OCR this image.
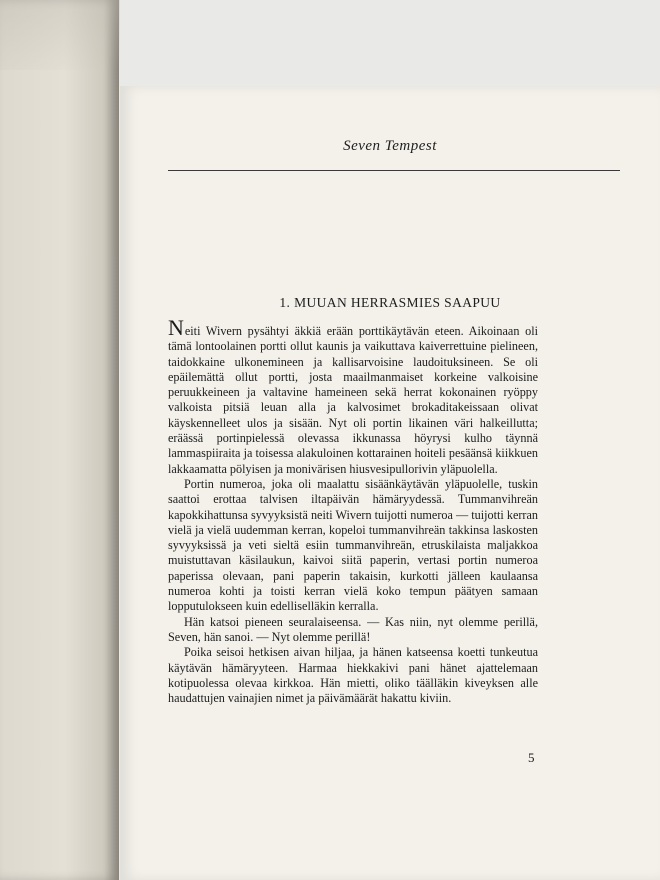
Seven Tempest
1. MUUAN HERRASMIES SAAPUU

Neiti Wivern pysähtyi äkkiä erään porttikäytävän eteen. Aikoinaan oli tämä lontoolainen portti ollut kaunis ja vaikuttava kaiverrettuine pielineen, taidokkaine ulkonemineen ja kallisarvoisine laudoituksineen. Se oli epäilemättä ollut portti, josta maailmanmaiset korkeine valkoisine peruukkeineen ja valtavine hameineen sekä herrat kokonainen ryöppy valkoista pitsiä leuan alla ja kalvosimet brokaditakeissaan olivat käyskennelleet ulos ja sisään. Nyt oli portin likainen väri halkeillutta; eräässä portinpielessä olevassa ikkunassa höyrysi kulho täynnä lammaspiiraita ja toisessa alakuloinen kottarainen hoiteli pesäänsä kiikkuen lakkaamatta pölyisen ja monivärisen hiusvesipullorivin yläpuolella.

Portin numeroa, joka oli maalattu sisäänkäytävän yläpuolelle, tuskin saattoi erottaa talvisen iltapäivän hämäryydessä. Tummanvihreän kapokkihattunsa syvyyksistä neiti Wivern tuijotti numeroa — tuijotti kerran vielä ja vielä uudemman kerran, kopeloi tummanvihreän takkinsa laskosten syvyyksissä ja veti sieltä esiin tummanvihreän, etruskilaista maljakkoa muistuttavan käsilaukun, kaivoi siitä paperin, vertasi portin numeroa paperissa olevaan, pani paperin takaisin, kurkotti jälleen kaulaansa numeroa kohti ja toisti kerran vielä koko tempun päätyen samaan lopputulokseen kuin edelliselläkin kerralla.

Hän katsoi pieneen seuralaiseensa. — Kas niin, nyt olemme perillä, Seven, hän sanoi. — Nyt olemme perillä!

Poika seisoi hetkisen aivan hiljaa, ja hänen katseensa koetti tunkeutua käytävän hämäryyteen. Harmaa hiekkakivi pani hänet ajattelemaan kotipuolessa olevaa kirkkoa. Hän mietti, oliko täälläkin kiveyksen alle haudattujen vainajien nimet ja päivämäärät hakattu kiviin.

5
